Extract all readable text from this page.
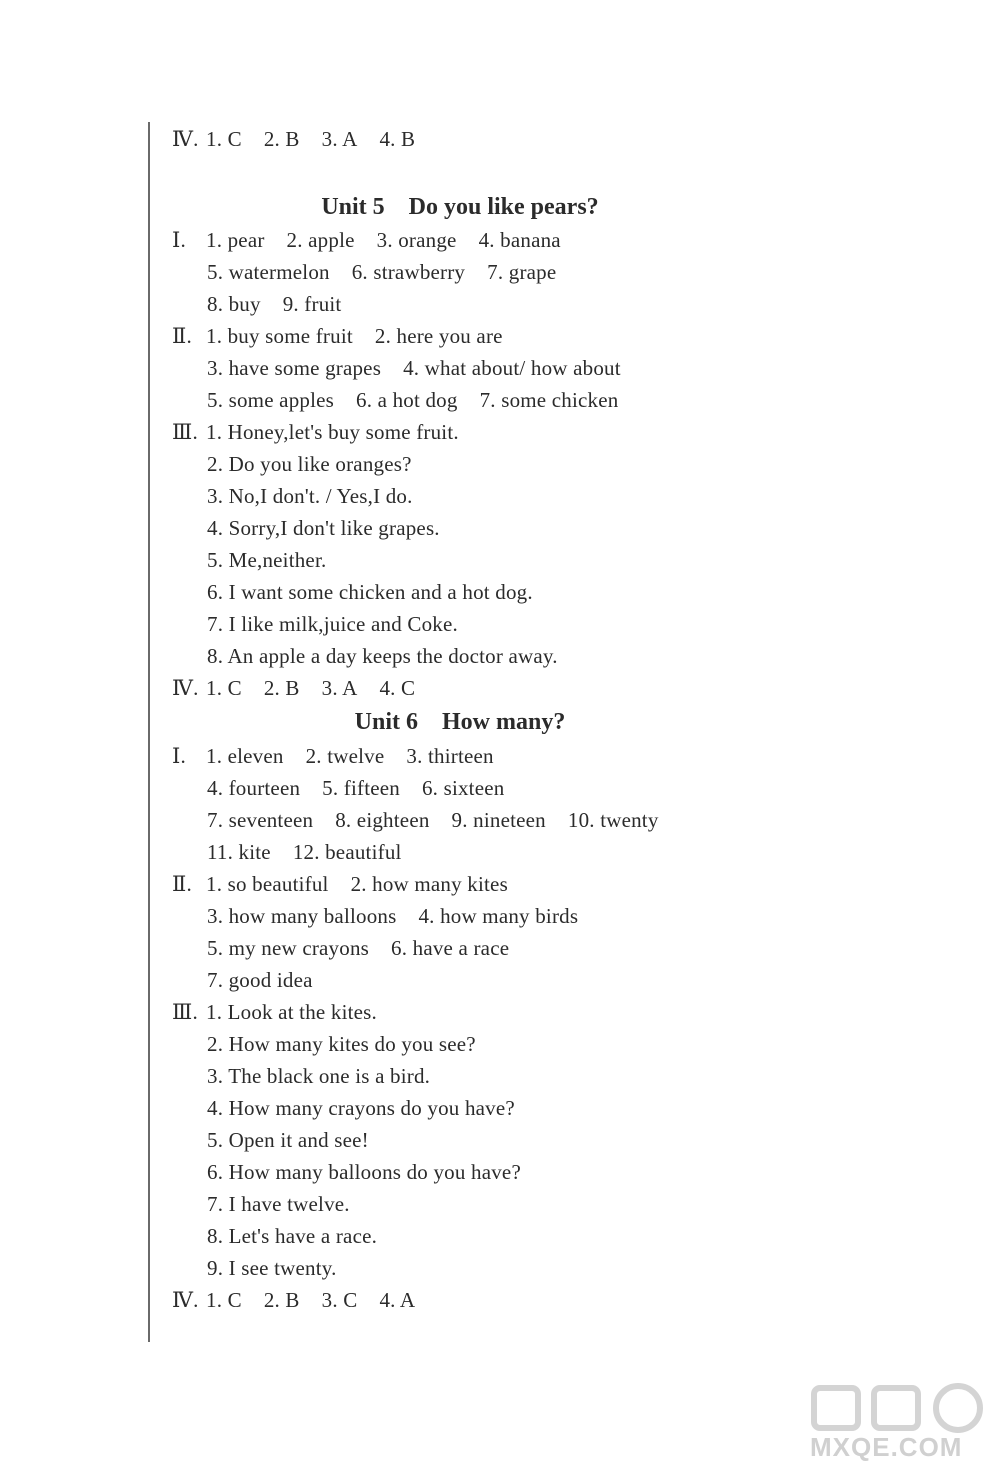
Ⅳ. 1. C 2. B 3. A 4. B
Unit 5　Do you like pears?
Ⅰ. 1. pear 2. apple 3. orange 4. banana
5. watermelon 6. strawberry 7. grape
8. buy 9. fruit
Ⅱ. 1. buy some fruit 2. here you are
3. have some grapes 4. what about/ how about
5. some apples 6. a hot dog 7. some chicken
Ⅲ. 1. Honey,let's buy some fruit.
2. Do you like oranges?
3. No,I don't. / Yes,I do.
4. Sorry,I don't like grapes.
5. Me,neither.
6. I want some chicken and a hot dog.
7. I like milk,juice and Coke.
8. An apple a day keeps the doctor away.
Ⅳ. 1. C 2. B 3. A 4. C
Unit 6　How many?
Ⅰ. 1. eleven 2. twelve 3. thirteen
4. fourteen 5. fifteen 6. sixteen
7. seventeen 8. eighteen 9. nineteen 10. twenty
11. kite 12. beautiful
Ⅱ. 1. so beautiful 2. how many kites
3. how many balloons 4. how many birds
5. my new crayons 6. have a race
7. good idea
Ⅲ. 1. Look at the kites.
2. How many kites do you see?
3. The black one is a bird.
4. How many crayons do you have?
5. Open it and see!
6. How many balloons do you have?
7. I have twelve.
8. Let's have a race.
9. I see twenty.
Ⅳ. 1. C 2. B 3. C 4. A
MXQE.COM
